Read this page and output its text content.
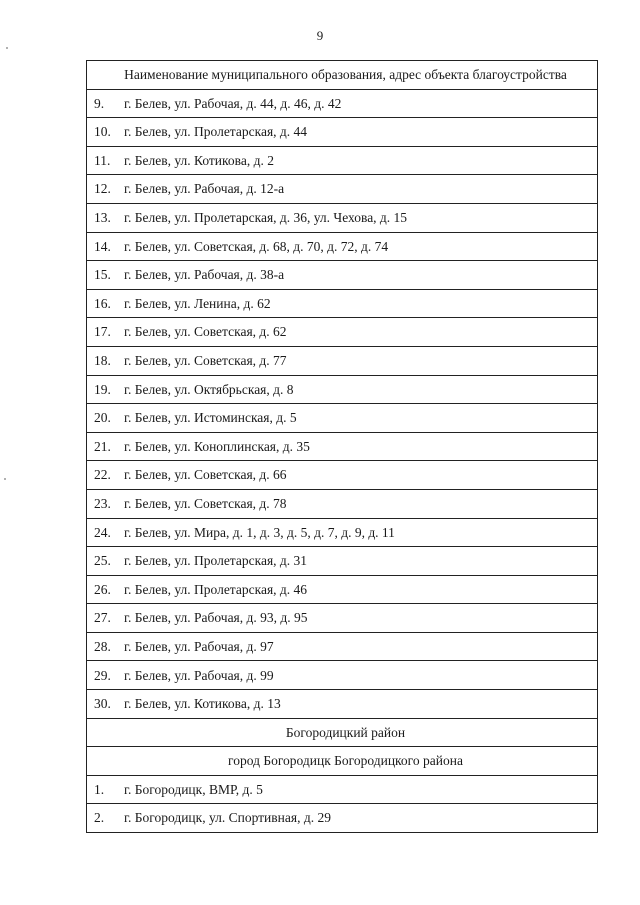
9
Наименование муниципального образования, адрес объекта благоустройства
9. г. Белев, ул. Рабочая, д. 44, д. 46, д. 42
10. г. Белев, ул. Пролетарская, д. 44
11. г. Белев, ул. Котикова, д. 2
12. г. Белев, ул. Рабочая, д. 12-а
13. г. Белев, ул. Пролетарская, д. 36, ул. Чехова, д. 15
14. г. Белев, ул. Советская, д. 68, д. 70, д. 72, д. 74
15. г. Белев, ул. Рабочая, д. 38-а
16. г. Белев, ул. Ленина, д. 62
17. г. Белев, ул. Советская, д. 62
18. г. Белев, ул. Советская, д. 77
19. г. Белев, ул. Октябрьская, д. 8
20. г. Белев, ул. Истоминская, д. 5
21. г. Белев, ул. Коноплинская, д. 35
22. г. Белев, ул. Советская, д. 66
23. г. Белев, ул. Советская, д. 78
24. г. Белев, ул. Мира, д. 1, д. 3, д. 5, д. 7, д. 9, д. 11
25. г. Белев, ул. Пролетарская, д. 31
26. г. Белев, ул. Пролетарская, д. 46
27. г. Белев, ул. Рабочая, д. 93, д. 95
28. г. Белев, ул. Рабочая, д. 97
29. г. Белев, ул. Рабочая, д. 99
30. г. Белев, ул. Котикова, д. 13
Богородицкий район
город Богородицк Богородицкого района
1. г. Богородицк, ВМР, д. 5
2. г. Богородицк, ул. Спортивная, д. 29
